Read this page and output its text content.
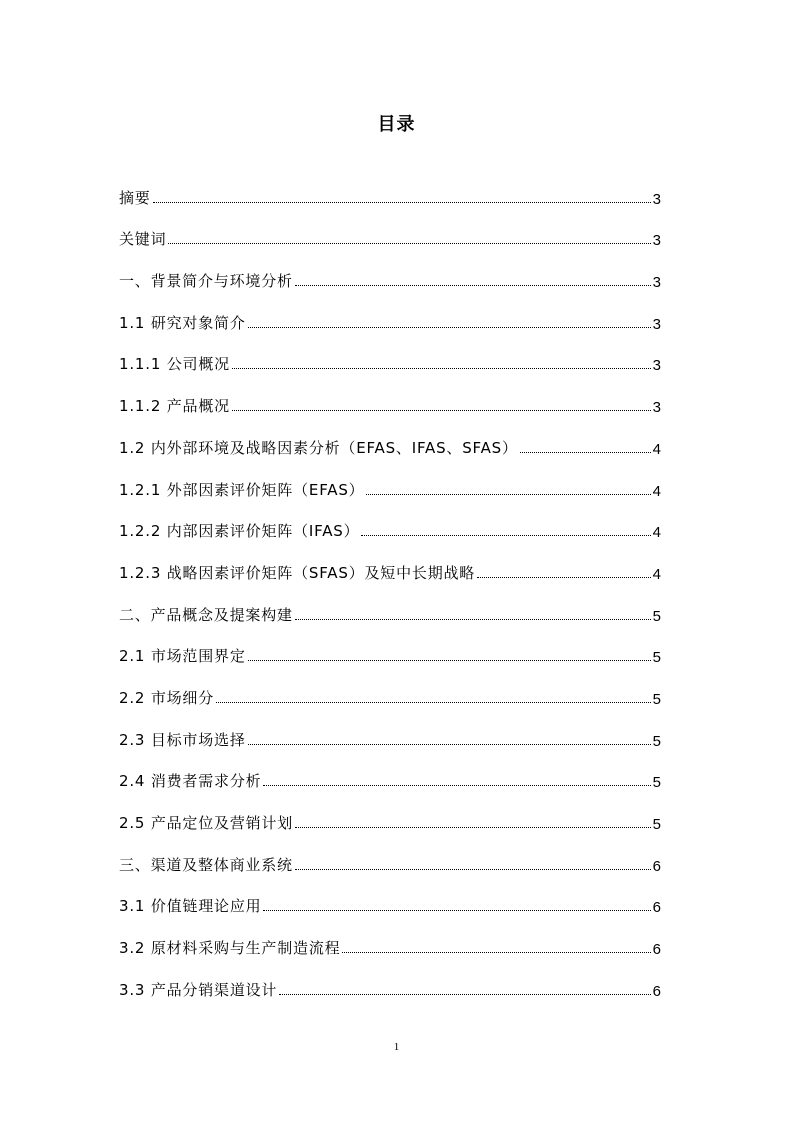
目录
摘要	3
关键词	3
一、背景简介与环境分析	3
1.1 研究对象简介	3
1.1.1 公司概况	3
1.1.2 产品概况	3
1.2 内外部环境及战略因素分析（EFAS、IFAS、SFAS）	4
1.2.1 外部因素评价矩阵（EFAS）	4
1.2.2 内部因素评价矩阵（IFAS）	4
1.2.3 战略因素评价矩阵（SFAS）及短中长期战略	4
二、产品概念及提案构建	5
2.1 市场范围界定	5
2.2 市场细分	5
2.3 目标市场选择	5
2.4 消费者需求分析	5
2.5 产品定位及营销计划	5
三、渠道及整体商业系统	6
3.1 价值链理论应用	6
3.2 原材料采购与生产制造流程	6
3.3 产品分销渠道设计	6
1
